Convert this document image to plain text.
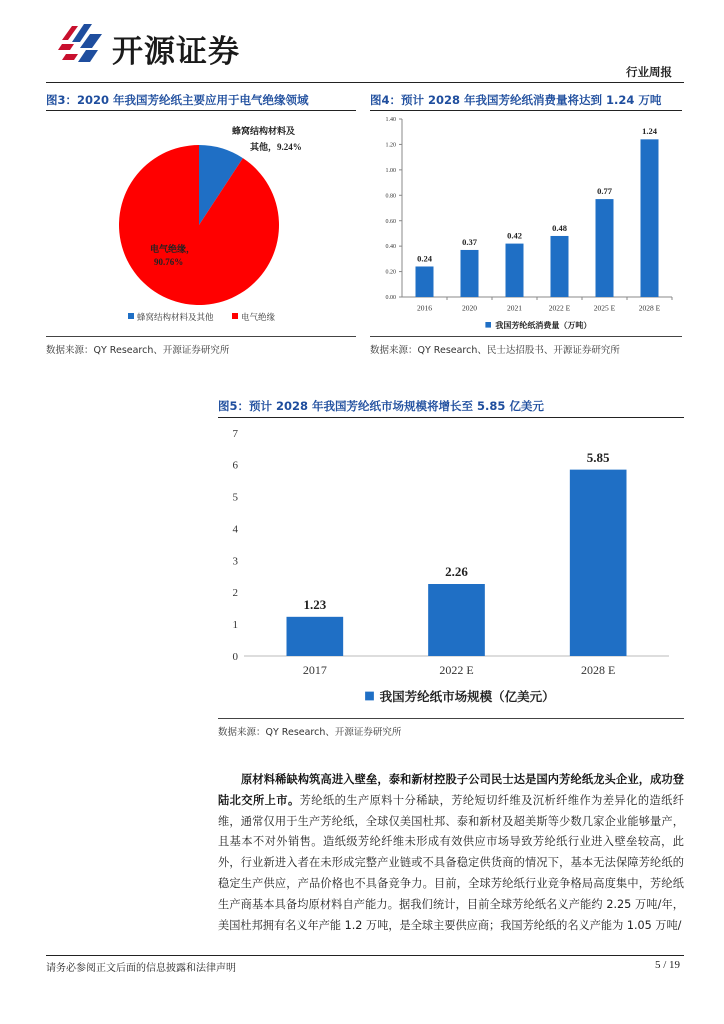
开源证券
行业周报
图3：2020 年我国芳纶纸主要应用于电气绝缘领域
蜂窝结构材料及
其他，9.24%
电气绝缘，
90.76%
蜂窝结构材料及其他	电气绝缘
数据来源：QY Research、开源证券研究所
图4：预计 2028 年我国芳纶纸消费量将达到 1.24 万吨
0.00
0.20
0.40
0.60
0.80
1.00
1.20
1.40
0.24
2016
0.37
2020
0.42
2021
0.48
2022 E
0.77
2025 E
1.24
2028 E
我国芳纶纸消费量（万吨）
数据来源：QY Research、民士达招股书、开源证券研究所
图5：预计 2028 年我国芳纶纸市场规模将增长至 5.85 亿美元
0
1
2
3
4
5
6
7
1.23
2017
2.26
2022 E
5.85
2028 E
我国芳纶纸市场规模（亿美元）
数据来源：QY Research、开源证券研究所
原材料稀缺构筑高进入壁垒，泰和新材控股子公司民士达是国内芳纶纸龙头企业，成功登陆北交所上市。芳纶纸的生产原料十分稀缺，芳纶短切纤维及沉析纤维作为差异化的造纸纤维，通常仅用于生产芳纶纸，全球仅美国杜邦、泰和新材及超美斯等少数几家企业能够量产，且基本不对外销售。造纸级芳纶纤维未形成有效供应市场导致芳纶纸行业进入壁垒较高，此外，行业新进入者在未形成完整产业链或不具备稳定供货商的情况下，基本无法保障芳纶纸的稳定生产供应，产品价格也不具备竞争力。目前，全球芳纶纸行业竞争格局高度集中，芳纶纸生产商基本具备均原材料自产能力。据我们统计，目前全球芳纶纸名义产能约 2.25 万吨/年，美国杜邦拥有名义年产能 1.2 万吨，是全球主要供应商；我国芳纶纸的名义产能为 1.05 万吨/
请务必参阅正文后面的信息披露和法律声明	5 / 19
